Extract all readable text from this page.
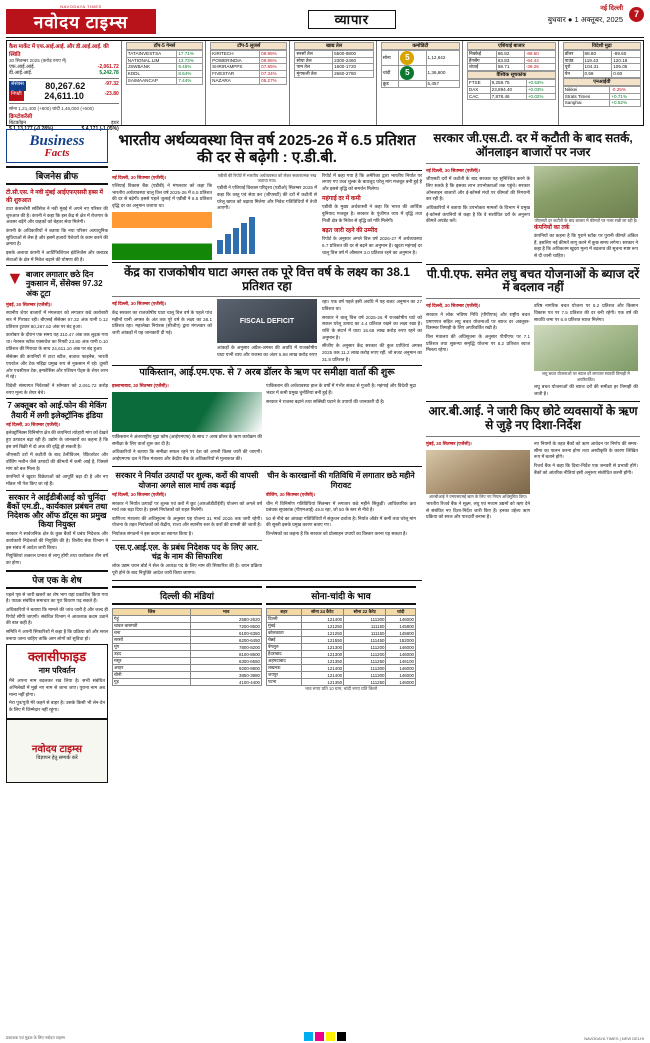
NAVODAYA TIMES
नवोदय टाइम्स	व्यापार
नई दिल्ली
बुधवार ● 1 अक्तूबर, 2025
7
कैश मार्केट में एफ.आई.आई. और डी.आई.आई. की स्थिति
30 सितम्बर 2025 (करोड़ रुपए में)
एफ.आई.आई.	-2,061.72
डी.आई.आई.	5,242.78
सेंसेक्स 80,267.62	-97.32
निफ्टी	24,611.10	-23.80
सोना 1,21,400 (+800) चांदी 1,46,000 (+600)
क्रिप्टोकरेंसी
बिटकॉइन	इथर
$ 1,13,177 (-0.28%)	$ 4,171 (-1.05%)
टॉप-5 गेनर्स
TATAINVESTSA	17.71%
NATIONAL.LIM	13.73%
JSWBANK	9.46%
KDDL	8.64%
SAIMAANCAP	7.44%
टॉप-5 लूजर्स
KIRITECH	09.95%
POWERINDIA	09.86%
SHRIRAMPPS	07.85%
FIVESTAR	07.34%
NAZARA	05.27%
खाद्य तेल
सरसों तेल	5500-9800
सोया तेल	2300-2460
पाम तेल	1600-1720
मूंगफली तेल	2660-2780
कमोडिटी
सोना	5	1,12,642
चांदी	5	1,36,600
क्रूड		5,457
एशियाई बाजार
निक्केई	86.82	-89.50
हैंगसेंग	63.83	-64.44
शंघाई	58.71	-39.26
वैश्विक सूचकांक
FTSE	9,259.75	+0.53%
DAX	23,894.40	+0.03%
CAC	7,878.46	+0.02%
विदेशी मुद्रा
डॉलर	88.80	-89.50
पाउंड	119.43	120.18
यूरो	104.31	105.05
येन	0.59	0.60
एनआईवी
Nikkei	-0.25%
Strats Times	+0.71%
Sanghai	+0.52%
Business
Facts
बिजनेस ब्रीफ
टी.सी.एस. ने नवी मुंबई आईएफएससी हब्स में की शुरुआत

टाटा कंसल्टेंसी सर्विसेज ने नवी मुंबई में अपने नए परिसर की शुरुआत की है। कंपनी ने कहा कि इस केंद्र से क्षेत्र में रोजगार के अवसर बढ़ेंगे और ग्राहकों को बेहतर सेवा मिलेगी।

कंपनी के अधिकारियों ने बताया कि नया परिसर अत्याधुनिक सुविधाओं से लैस है और इसमें हजारों पेशेवरों के काम करने की क्षमता है।

इसके अलावा कंपनी ने आर्टिफिशियल इंटेलिजेंस और क्लाउड सेवाओं के क्षेत्र में निवेश बढ़ाने की घोषणा की है।

▼ बाजार लगातार छठे दिन नुकसान में, सेंसेक्स 97.32 अंक टूटा

मुंबई, 30 सितम्बर (एजेंसी)।

स्थानीय शेयर बाजारों में मंगलवार को लगातार छठे कारोबारी सत्र में गिरावट रही। बीएसई सेंसेक्स 97.32 अंक यानी 0.12 प्रतिशत टूटकर 80,267.62 अंक पर बंद हुआ।

कारोबार के दौरान एक समय यह 310.47 अंक तक लुढ़क गया था। नेशनल स्टॉक एक्सचेंज का निफ्टी 23.80 अंक यानी 0.10 प्रतिशत की गिरावट के साथ 24,611.10 अंक पर बंद हुआ।

सेंसेक्स की कंपनियों में टाटा स्टील, बजाज फाइनेंस, भारती एयरटेल और टेक महिंद्रा प्रमुख रूप से नुकसान में रहे। दूसरी ओर एचसीएल टेक, इन्फोसिस और एशियन पेंट्स के शेयर लाभ में रहे।

विदेशी संस्थागत निवेशकों ने सोमवार को 2,061.72 करोड़ रुपए मूल्य के शेयर बेचे।

7 अक्तूबर को आई.फोन की मेकिंग तैयारी में लगी इलेक्ट्रॉनिक इंडिया

नई दिल्ली, 30 सितम्बर (एजेंसी)।

इलेक्ट्रॉनिक्स विनिर्माण क्षेत्र की कंपनियां त्योहारी मांग को देखते हुए उत्पादन बढ़ा रही हैं। उद्योग के जानकारों का कहना है कि इस वर्ष बिक्री में दो अंक की वृद्धि हो सकती है।

जीएसटी दरों में कटौती के बाद टेलीविजन, रेफ्रिजरेटर और वॉशिंग मशीन जैसे उत्पादों की कीमतों में कमी आई है, जिससे मांग को बल मिला है।

कंपनियों ने खुदरा विक्रेताओं को आपूर्ति बढ़ा दी है और नए मॉडल भी पेश किए जा रहे हैं।

सरकार ने आईडीबीआई को चुनिंदा बैंकों एम.डी., कार्यकाल प्रबंधन तथा निदेशक और ऑफ डॉट्स का प्रमुख किया नियुक्त

सरकार ने सार्वजनिक क्षेत्र के कुछ बैंकों में प्रबंध निदेशक और कार्यकारी निदेशकों की नियुक्ति की है। वित्तीय सेवा विभाग ने इस संबंध में आदेश जारी किया।

नियुक्तियां तत्काल प्रभाव से लागू होंगी तथा कार्यकाल तीन वर्ष का होगा।

पेज एक के शेष

पहले पृष्ठ से जारी खबरों का शेष भाग यहां प्रकाशित किया गया है। पाठक संबंधित समाचार का पूरा विवरण पढ़ सकते हैं।

अधिकारियों ने बताया कि मामले की जांच जारी है और जल्द ही रिपोर्ट सौंपी जाएगी। संबंधित विभाग ने आवश्यक कदम उठाने की बात कही है।

समिति ने अपनी सिफारिशों में कहा है कि प्रक्रिया को और सरल बनाया जाना चाहिए ताकि आम लोगों को सुविधा हो।

क्लासीफाइड
नाम परिवर्तन

मैंने अपना नाम बदलकर रख लिया है। सभी संबंधित अभिलेखों में मुझे नए नाम से जाना जाए। पुराना नाम अब मान्य नहीं होगा।

मेरा पुत्र/पुत्री मेरे कहने से बाहर है। उसके किसी भी लेन-देन के लिए मैं जिम्मेदार नहीं रहूंगा।

नवोदय टाइम्स
विज्ञापन हेतु सम्पर्क करें
भारतीय अर्थव्यवस्था वित्त वर्ष 2025-26 में 6.5 प्रतिशत की दर से बढ़ेगी : ए.डी.बी.

नई दिल्ली, 30 सितम्बर (एजेंसी)।

एशियाई विकास बैंक (एडीबी) ने मंगलवार को कहा कि भारतीय अर्थव्यवस्था चालू वित्त वर्ष 2025-26 में 6.5 प्रतिशत की दर से बढ़ेगी। इससे पहले जुलाई में एडीबी ने 6.5 प्रतिशत वृद्धि दर का अनुमान जताया था।

एडीबी की रिपोर्ट में भारतीय अर्थव्यवस्था को लेकर सकारात्मक रुख जताया गया।

एडीबी ने एशियाई विकास परिदृश्य (एडीओ) सितम्बर 2025 में कहा कि वस्तु एवं सेवा कर (जीएसटी) की दरों में कटौती से घरेलू खपत को बढ़ावा मिलेगा और निवेश गतिविधियों में तेजी आएगी।

रिपोर्ट में कहा गया है कि अमेरिका द्वारा भारतीय निर्यात पर लगाए गए उच्च शुल्क के बावजूद घरेलू मांग मजबूत बनी हुई है और इससे वृद्धि को समर्थन मिलेगा।

महंगाई दर में कमी

एडीबी के मुख्य अर्थशास्त्री ने कहा कि भारत की आर्थिक बुनियाद मजबूत है। सरकार के पूंजीगत व्यय में वृद्धि तथा निजी क्षेत्र के निवेश से वृद्धि को गति मिलेगी।

बढ़त जारी रहने की उम्मीद

रिपोर्ट के अनुसार अगले वित्त वर्ष 2026-27 में अर्थव्यवस्था 6.7 प्रतिशत की दर से बढ़ने का अनुमान है। खुदरा महंगाई दर चालू वित्त वर्ष में औसतन 3.0 प्रतिशत रहने का अनुमान है।

केंद्र का राजकोषीय घाटा अगस्त तक पूरे वित्त वर्ष के लक्ष्य का 38.1 प्रतिशत रहा

नई दिल्ली, 30 सितम्बर (एजेंसी)।

केंद्र सरकार का राजकोषीय घाटा चालू वित्त वर्ष के पहले पांच महीनों यानी अगस्त के अंत तक पूरे वर्ष के लक्ष्य का 38.1 प्रतिशत रहा। महालेखा नियंत्रक (सीजीए) द्वारा मंगलवार को जारी आंकड़ों में यह जानकारी दी गई।

FISCAL DEFICIT

आंकड़ों के अनुसार अप्रैल-अगस्त की अवधि में राजकोषीय घाटा यानी व्यय और राजस्व का अंतर 5.98 लाख करोड़ रुपए रहा। एक वर्ष पहले इसी अवधि में यह बजट अनुमान का 27 प्रतिशत था।

सरकार ने चालू वित्त वर्ष 2025-26 में राजकोषीय घाटे को सकल घरेलू उत्पाद का 4.4 प्रतिशत रखने का लक्ष्य रखा है। राशि के संदर्भ में घाटा 15.69 लाख करोड़ रुपए रहने का अनुमान है।

सीजीए के अनुसार केंद्र सरकार की कुल प्राप्तियां अगस्त 2025 तक 11.2 लाख करोड़ रुपए रहीं, जो बजट अनुमान का 31.8 प्रतिशत है।

पाकिस्तान, आई.एम.एफ. से 7 अरब डॉलर के ऋण पर समीक्षा वार्ता की शुरू

इस्लामाबाद, 30 सितम्बर (एजेंसी)।

पाकिस्तान ने अंतरराष्ट्रीय मुद्रा कोष (आईएमएफ) के साथ 7 अरब डॉलर के ऋण कार्यक्रम की समीक्षा के लिए वार्ता शुरू कर दी है।

अधिकारियों ने बताया कि समीक्षा सफल रहने पर देश को अगली किस्त जारी की जाएगी। आईएमएफ दल ने वित्त मंत्रालय और केंद्रीय बैंक के अधिकारियों से मुलाकात की।

पाकिस्तान की अर्थव्यवस्था हाल के वर्षों में गंभीर संकट से गुजरी है। महंगाई और विदेशी मुद्रा भंडार में कमी प्रमुख चुनौतियां बनी हुई हैं।

सरकार ने राजस्व बढ़ाने तथा सब्सिडी घटाने के उपायों की जानकारी दी है।

सरकार ने निर्यात उत्पादों पर शुल्क, करों की वापसी योजना अगले साल मार्च तक बढ़ाई

नई दिल्ली, 30 सितम्बर (एजेंसी)।

सरकार ने निर्यात उत्पादों पर शुल्क एवं करों में छूट (आरओडीटीईपी) योजना को अगले वर्ष मार्च तक बढ़ा दिया है। इससे निर्यातकों को राहत मिलेगी।

वाणिज्य मंत्रालय की अधिसूचना के अनुसार यह योजना 31 मार्च 2026 तक जारी रहेगी। योजना के तहत निर्यातकों को केंद्रीय, राज्य और स्थानीय स्तर के करों की वापसी की जाती है।

निर्यातक संगठनों ने इस कदम का स्वागत किया है।

एस.ए.आई.एल. के प्रबंध निदेशक पद के लिए आर. चंद्र के नाम की सिफारिश

लोक उद्यम चयन बोर्ड ने सेल के अध्यक्ष पद के लिए नाम की सिफारिश की है। चयन प्रक्रिया पूरी होने के बाद नियुक्ति आदेश जारी किया जाएगा।

चीन के कारखानों की गतिविधि में लगातार छठे महीने गिरावट

बीजिंग, 30 सितम्बर (एजेंसी)।

चीन में विनिर्माण गतिविधियां सितम्बर में लगातार छठे महीने सिकुड़ीं। आधिकारिक क्रय प्रबंधक सूचकांक (पीएमआई) 49.8 रहा, जो 50 के स्तर से नीचे है।

50 से नीचे का आंकड़ा गतिविधियों में संकुचन दर्शाता है। निर्यात ऑर्डर में कमी तथा घरेलू मांग की सुस्ती इसके प्रमुख कारण बताए गए।

विश्लेषकों का कहना है कि सरकार को प्रोत्साहन उपायों का विस्तार करना पड़ सकता है।

दिल्ली की मंडियां
जिंस	भाव
गेहूं	2580-2620
चावल बासमती	7200-8500
चना	6100-6350
सरसों	6200-6450
मूंग	7800-8200
उड़द	8100-8600
मसूर	6300-6550
अरहर	9200-9800
चीनी	3850-3980
गुड़	4100-4400
सोना-चांदी के भाव
शहर	सोना 24 कैरेट	सोना 22 कैरेट	चांदी
दिल्ली	121400	111300	146000
मुंबई	121250	111150	145800
कोलकाता	121250	111150	145800
चेन्नई	121550	111450	152000
बेंगलुरु	121300	111200	146000
हैदराबाद	121300	111200	146000
अहमदाबाद	121350	111250	146100
लखनऊ	121400	111300	146000
जयपुर	121400	111300	146000
पटना	121350	111250	146000
भाव रुपए प्रति 10 ग्राम, चांदी रुपए प्रति किलो
सरकार जी.एस.टी. दर में कटौती के बाद सतर्क, ऑनलाइन बाजारों पर नजर

नई दिल्ली, 30 सितम्बर (एजेंसी)।

जीएसटी दरों में कटौती के बाद सरकार यह सुनिश्चित करने के लिए सतर्क है कि इसका लाभ उपभोक्ताओं तक पहुंचे। सरकार ऑनलाइन बाजारों और ई-कॉमर्स मंचों पर कीमतों की निगरानी कर रही है।

अधिकारियों ने बताया कि उपभोक्ता मामलों के विभाग ने प्रमुख ई-कॉमर्स कंपनियों से कहा है कि वे संशोधित दरों के अनुरूप कीमतें अपडेट करें।	जीएसटी दर कटौती के बाद बाजार में कीमतों पर नजर रखी जा रही है।
कंपनियों का तर्क

कंपनियों का कहना है कि पुराने स्टॉक पर पुरानी कीमतें अंकित हैं, इसलिए नई कीमतें लागू करने में कुछ समय लगेगा। सरकार ने कहा है कि अधिकतम खुदरा मूल्य में बदलाव की सूचना स्पष्ट रूप से दी जानी चाहिए।

पी.पी.एफ. समेत लघु बचत योजनाओं के ब्याज दरें में बदलाव नहीं

नई दिल्ली, 30 सितम्बर (एजेंसी)।

सरकार ने लोक भविष्य निधि (पीपीएफ) और राष्ट्रीय बचत प्रमाणपत्र सहित लघु बचत योजनाओं पर ब्याज दर अक्तूबर-दिसम्बर तिमाही के लिए अपरिवर्तित रखी है।

वित्त मंत्रालय की अधिसूचना के अनुसार पीपीएफ पर 7.1 प्रतिशत तथा सुकन्या समृद्धि योजना पर 8.2 प्रतिशत ब्याज मिलता रहेगा।

वरिष्ठ नागरिक बचत योजना पर 8.2 प्रतिशत और किसान विकास पत्र पर 7.5 प्रतिशत की दर बनी रहेगी। एक वर्ष की सावधि जमा पर 6.9 प्रतिशत ब्याज मिलेगा।

लघु बचत योजनाओं पर ब्याज दरें लगातार सातवीं तिमाही में अपरिवर्तित।

लघु बचत योजनाओं की ब्याज दरों की समीक्षा हर तिमाही की जाती है।

आर.बी.आई. ने जारी किए छोटे व्यवसायों के ऋण से जुड़े नए दिशा-निर्देश

मुंबई, 30 सितम्बर (एजेंसी)।

आरबीआई ने एमएसएमई ऋण के लिए नए नियम अधिसूचित किए।

भारतीय रिजर्व बैंक ने सूक्ष्म, लघु एवं मध्यम उद्यमों को ऋण देने से संबंधित नए दिशा-निर्देश जारी किए हैं। इनका उद्देश्य ऋण प्रक्रिया को सरल और पारदर्शी बनाना है।

नए नियमों के तहत बैंकों को ऋण आवेदन पर निर्णय की समय-सीमा का पालन करना होगा तथा अस्वीकृति के कारण लिखित रूप में बताने होंगे।

रिजर्व बैंक ने कहा कि दिशा-निर्देश एक जनवरी से प्रभावी होंगे। बैंकों को आंतरिक नीतियां इसी अनुरूप संशोधित करनी होंगी।

प्रकाशक एवं मुद्रक के लिए नवोदय टाइम्स	NAVODAYA TIMES | NEW DELHI
